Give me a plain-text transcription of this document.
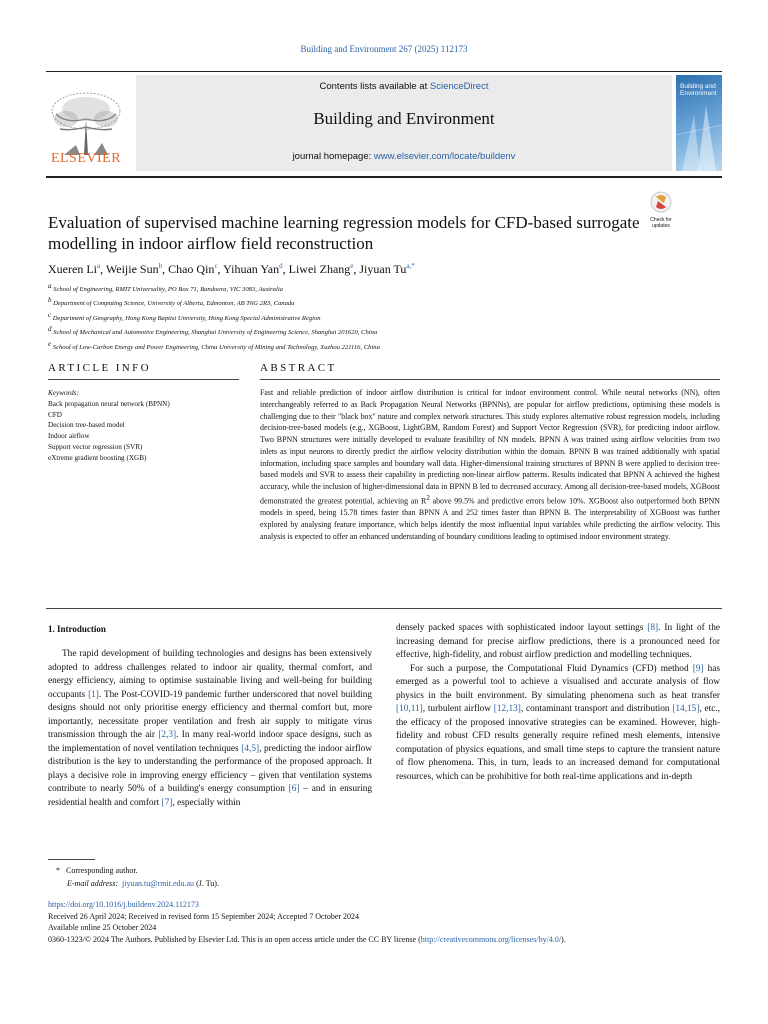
Building and Environment 267 (2025) 112173
ELSEVIER
Contents lists available at ScienceDirect
Building and Environment
journal homepage: www.elsevier.com/locate/buildenv
Building and Environment
Evaluation of supervised machine learning regression models for CFD-based surrogate modelling in indoor airflow field reconstruction
Check for updates
Xueren Li$^a$, Weijie Sun$^b$, Chao Qin$^c$, Yihuan Yan$^d$, Liwei Zhang$^e$, Jiyuan $Tu^{a,*}$
$^a$ School of Engineering, RMIT Universality, PO Box 71, Bundoora, VIC 3083, Australia
$^b$ Department of Computing Science, University of Alberta, Edmonton, AB T6G 2R3, Canada
$^c$ Department of Geography, Hong Kong Baptist University, Hong Kong Special Administrative Region
$^d$ School of Mechanical and Automotive Engineering, Shanghai University of Engineering Science, Shanghai 201620, China
$^e$ School of Low-Carbon Energy and Power Engineering, China University of Mining and Technology, Xuzhou 221116, China
ARTICLE INFO
Keywords:
Back propagation neural network (BPNN)
CFD
Decision tree-based model
Indoor airflow
Support vector regression (SVR)
eXtreme gradient boosting (XGB)
ABSTRACT
Fast and reliable prediction of indoor airflow distribution is critical for indoor environment control. While neural networks (NN), often interchangeably referred to as Back Propagation Neural Networks (BPNNs), are popular for airflow predictions, optimising these models is challenging due to their "black box" nature and complex network structures. This study explores alternative robust regression models, including decision-tree-based models (e.g., XGBoost, LightGBM, Random Forest) and Support Vector Regression (SVR), for predicting indoor airflow. Two BPNN structures were initially developed to evaluate feasibility of NN models. BPNN A was trained using airflow velocities from two inlets as input neurons to directly predict the airflow velocity distribution within the domain. BPNN B was trained additionally with spatial information, including space samples and boundary wall data. Higher-dimensional training structures of BPNN B were applied to decision tree-based models and SVR to assess their capability in predicting non-linear airflow patterns. Results indicated that BPNN A achieved the highest accuracy, while the inclusion of higher-dimensional data in BPNN B led to decreased accuracy. Among all decision-tree-based models, XGBoost demonstrated the greatest potential, achieving an $R^2$ above 99.5% and predictive errors below 10%. XGBoost also outperformed both BPNN models in speed, being 15.78 times faster than BPNN A and 252 times faster than BPNN B. The interpretability of XGBoost was further explored by analysing feature importance, which helps identify the most influential input variables while predicting the airflow velocity. This analysis is expected to offer an enhanced understanding of boundary conditions leading to optimised indoor environment strategy.
1. Introduction

The rapid development of building technologies and designs has been extensively adopted to address challenges related to indoor air quality, thermal comfort, and energy efficiency, aiming to optimise sustainable living and well-being for building occupants [1]. The Post-COVID-19 pandemic further underscored that novel building designs should not only prioritise energy efficiency and thermal comfort but, more importantly, necessitate proper ventilation and fresh air supply to mitigate virus transmission through the air [2,3]. In many real-world indoor space designs, such as the implementation of novel ventilation techniques [4,5], predicting the indoor airflow distribution is the key to understanding the performance of the proposed approach. It plays a decisive role in improving energy efficiency – given that ventilation systems contribute to nearly 50% of a building's energy consumption [6] – and in ensuring residential health and comfort [7], especially within

densely packed spaces with sophisticated indoor layout settings [8]. In light of the increasing demand for precise airflow predictions, there is a pronounced need for effective, high-fidelity, and robust airflow prediction and modelling techniques.

For such a purpose, the Computational Fluid Dynamics (CFD) method [9] has emerged as a powerful tool to achieve a visualised and accurate analysis of flow physics in the built environment. By simulating phenomena such as heat transfer [10,11], turbulent airflow [12,13], contaminant transport and distribution [14,15], etc., the efficacy of the proposed innovative strategies can be examined. However, high-fidelity and robust CFD results generally require refined mesh elements, intensive computation of physics equations, and small time steps to capture the transient nature of flow phenomena. This, in turn, leads to an increased demand for computational resources, which can be prohibitive for both real-time applications and in-depth

* Corresponding author.
E-mail address: jiyuan.tu@rmit.edu.au (J. Tu).
https://doi.org/10.1016/j.buildenv.2024.112173
Received 26 April 2024; Received in revised form 15 September 2024; Accepted 7 October 2024
Available online 25 October 2024
0360-1323/© 2024 The Authors. Published by Elsevier Ltd. This is an open access article under the CC BY license (http://creativecommons.org/licenses/by/4.0/).
